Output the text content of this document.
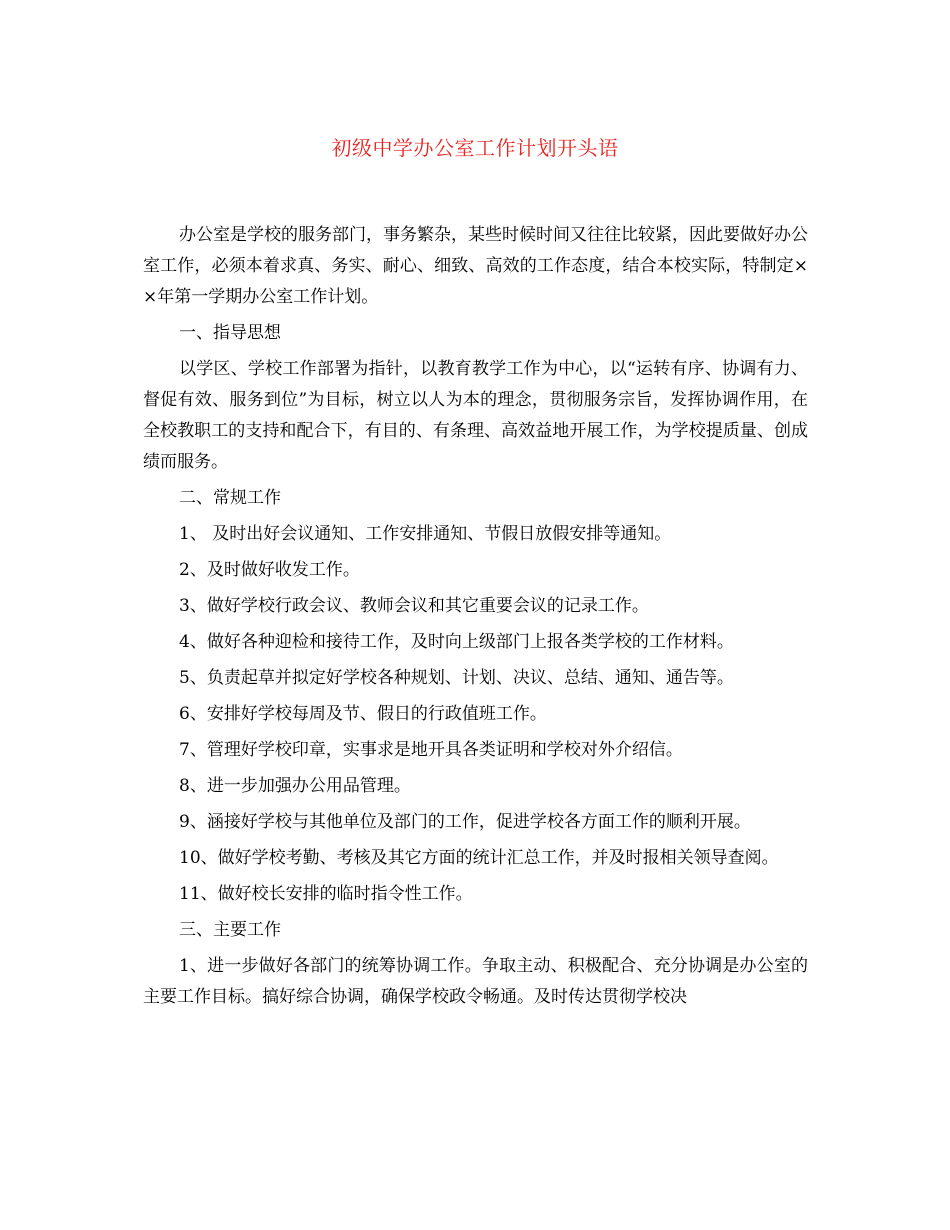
初级中学办公室工作计划开头语

办公室是学校的服务部门，事务繁杂，某些时候时间又往往比较紧，因此要做好办公室工作，必须本着求真、务实、耐心、细致、高效的工作态度，结合本校实际，特制定××年第一学期办公室工作计划。

一、指导思想

以学区、学校工作部署为指针，以教育教学工作为中心，以“运转有序、协调有力、督促有效、服务到位”为目标，树立以人为本的理念，贯彻服务宗旨，发挥协调作用，在全校教职工的支持和配合下，有目的、有条理、高效益地开展工作，为学校提质量、创成绩而服务。

二、常规工作

1、 及时出好会议通知、工作安排通知、节假日放假安排等通知。

2、及时做好收发工作。

3、做好学校行政会议、教师会议和其它重要会议的记录工作。

4、做好各种迎检和接待工作，及时向上级部门上报各类学校的工作材料。

5、负责起草并拟定好学校各种规划、计划、决议、总结、通知、通告等。

6、安排好学校每周及节、假日的行政值班工作。

7、管理好学校印章，实事求是地开具各类证明和学校对外介绍信。

8、进一步加强办公用品管理。

9、涵接好学校与其他单位及部门的工作，促进学校各方面工作的顺利开展。

10、做好学校考勤、考核及其它方面的统计汇总工作，并及时报相关领导查阅。

11、做好校长安排的临时指令性工作。

三、主要工作

1、进一步做好各部门的统筹协调工作。争取主动、积极配合、充分协调是办公室的主要工作目标。搞好综合协调，确保学校政令畅通。及时传达贯彻学校决
